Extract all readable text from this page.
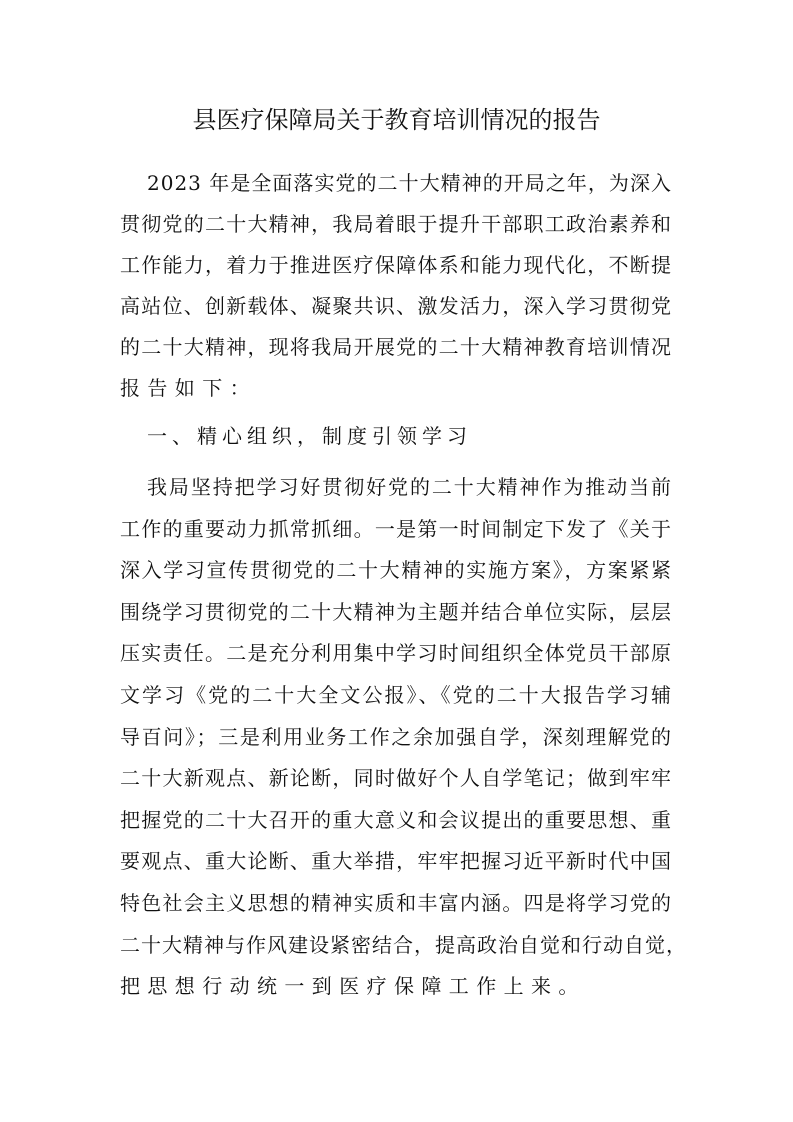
县医疗保障局关于教育培训情况的报告
2023 年是全面落实党的二十大精神的开局之年，为深入
贯彻党的二十大精神，我局着眼于提升干部职工政治素养和
工作能力，着力于推进医疗保障体系和能力现代化，不断提
高站位、创新载体、凝聚共识、激发活力，深入学习贯彻党
的二十大精神，现将我局开展党的二十大精神教育培训情况
报告如下：
一、精心组织，制度引领学习
我局坚持把学习好贯彻好党的二十大精神作为推动当前
工作的重要动力抓常抓细。一是第一时间制定下发了《关于
深入学习宣传贯彻党的二十大精神的实施方案》，方案紧紧
围绕学习贯彻党的二十大精神为主题并结合单位实际，层层
压实责任。二是充分利用集中学习时间组织全体党员干部原
文学习《党的二十大全文公报》、《党的二十大报告学习辅
导百问》；三是利用业务工作之余加强自学，深刻理解党的
二十大新观点、新论断，同时做好个人自学笔记；做到牢牢
把握党的二十大召开的重大意义和会议提出的重要思想、重
要观点、重大论断、重大举措，牢牢把握习近平新时代中国
特色社会主义思想的精神实质和丰富内涵。四是将学习党的
二十大精神与作风建设紧密结合，提高政治自觉和行动自觉，
把思想行动统一到医疗保障工作上来。
